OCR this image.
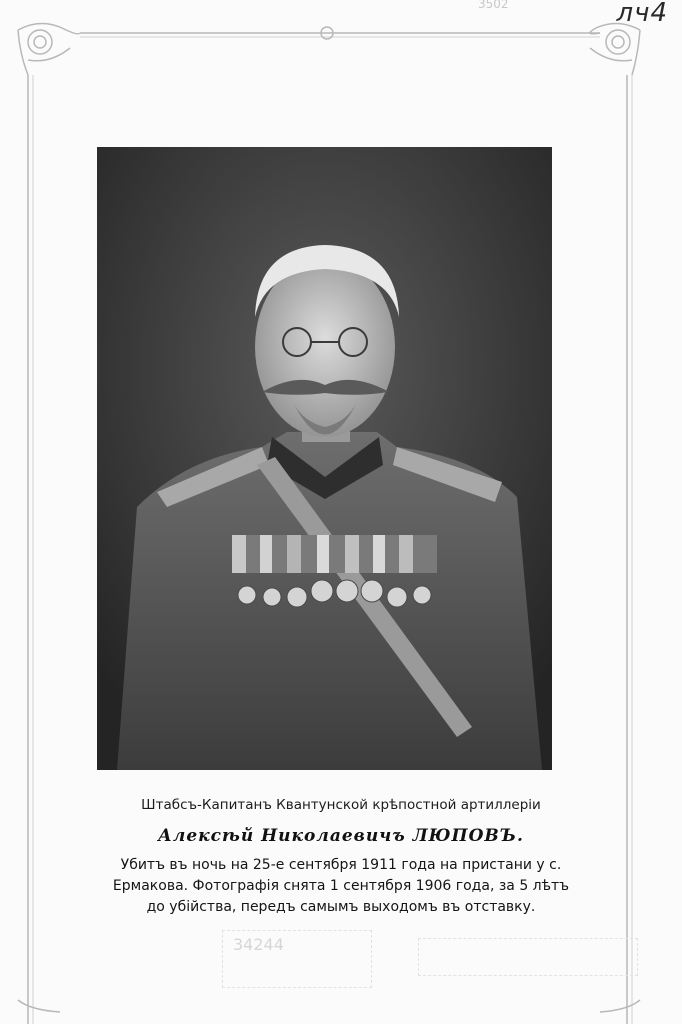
3502	лч4
Штабсъ-Капитанъ Квантунской крѣпостной артиллеріи
Алексѣй Николаевичъ ЛЮПОВЪ.
Убитъ въ ночь на 25-е сентября 1911 года на пристани у с.
Ермакова. Фотографія снята 1 сентября 1906 года, за 5 лѣтъ
до убійства, передъ самымъ выходомъ въ отставку.
34244
